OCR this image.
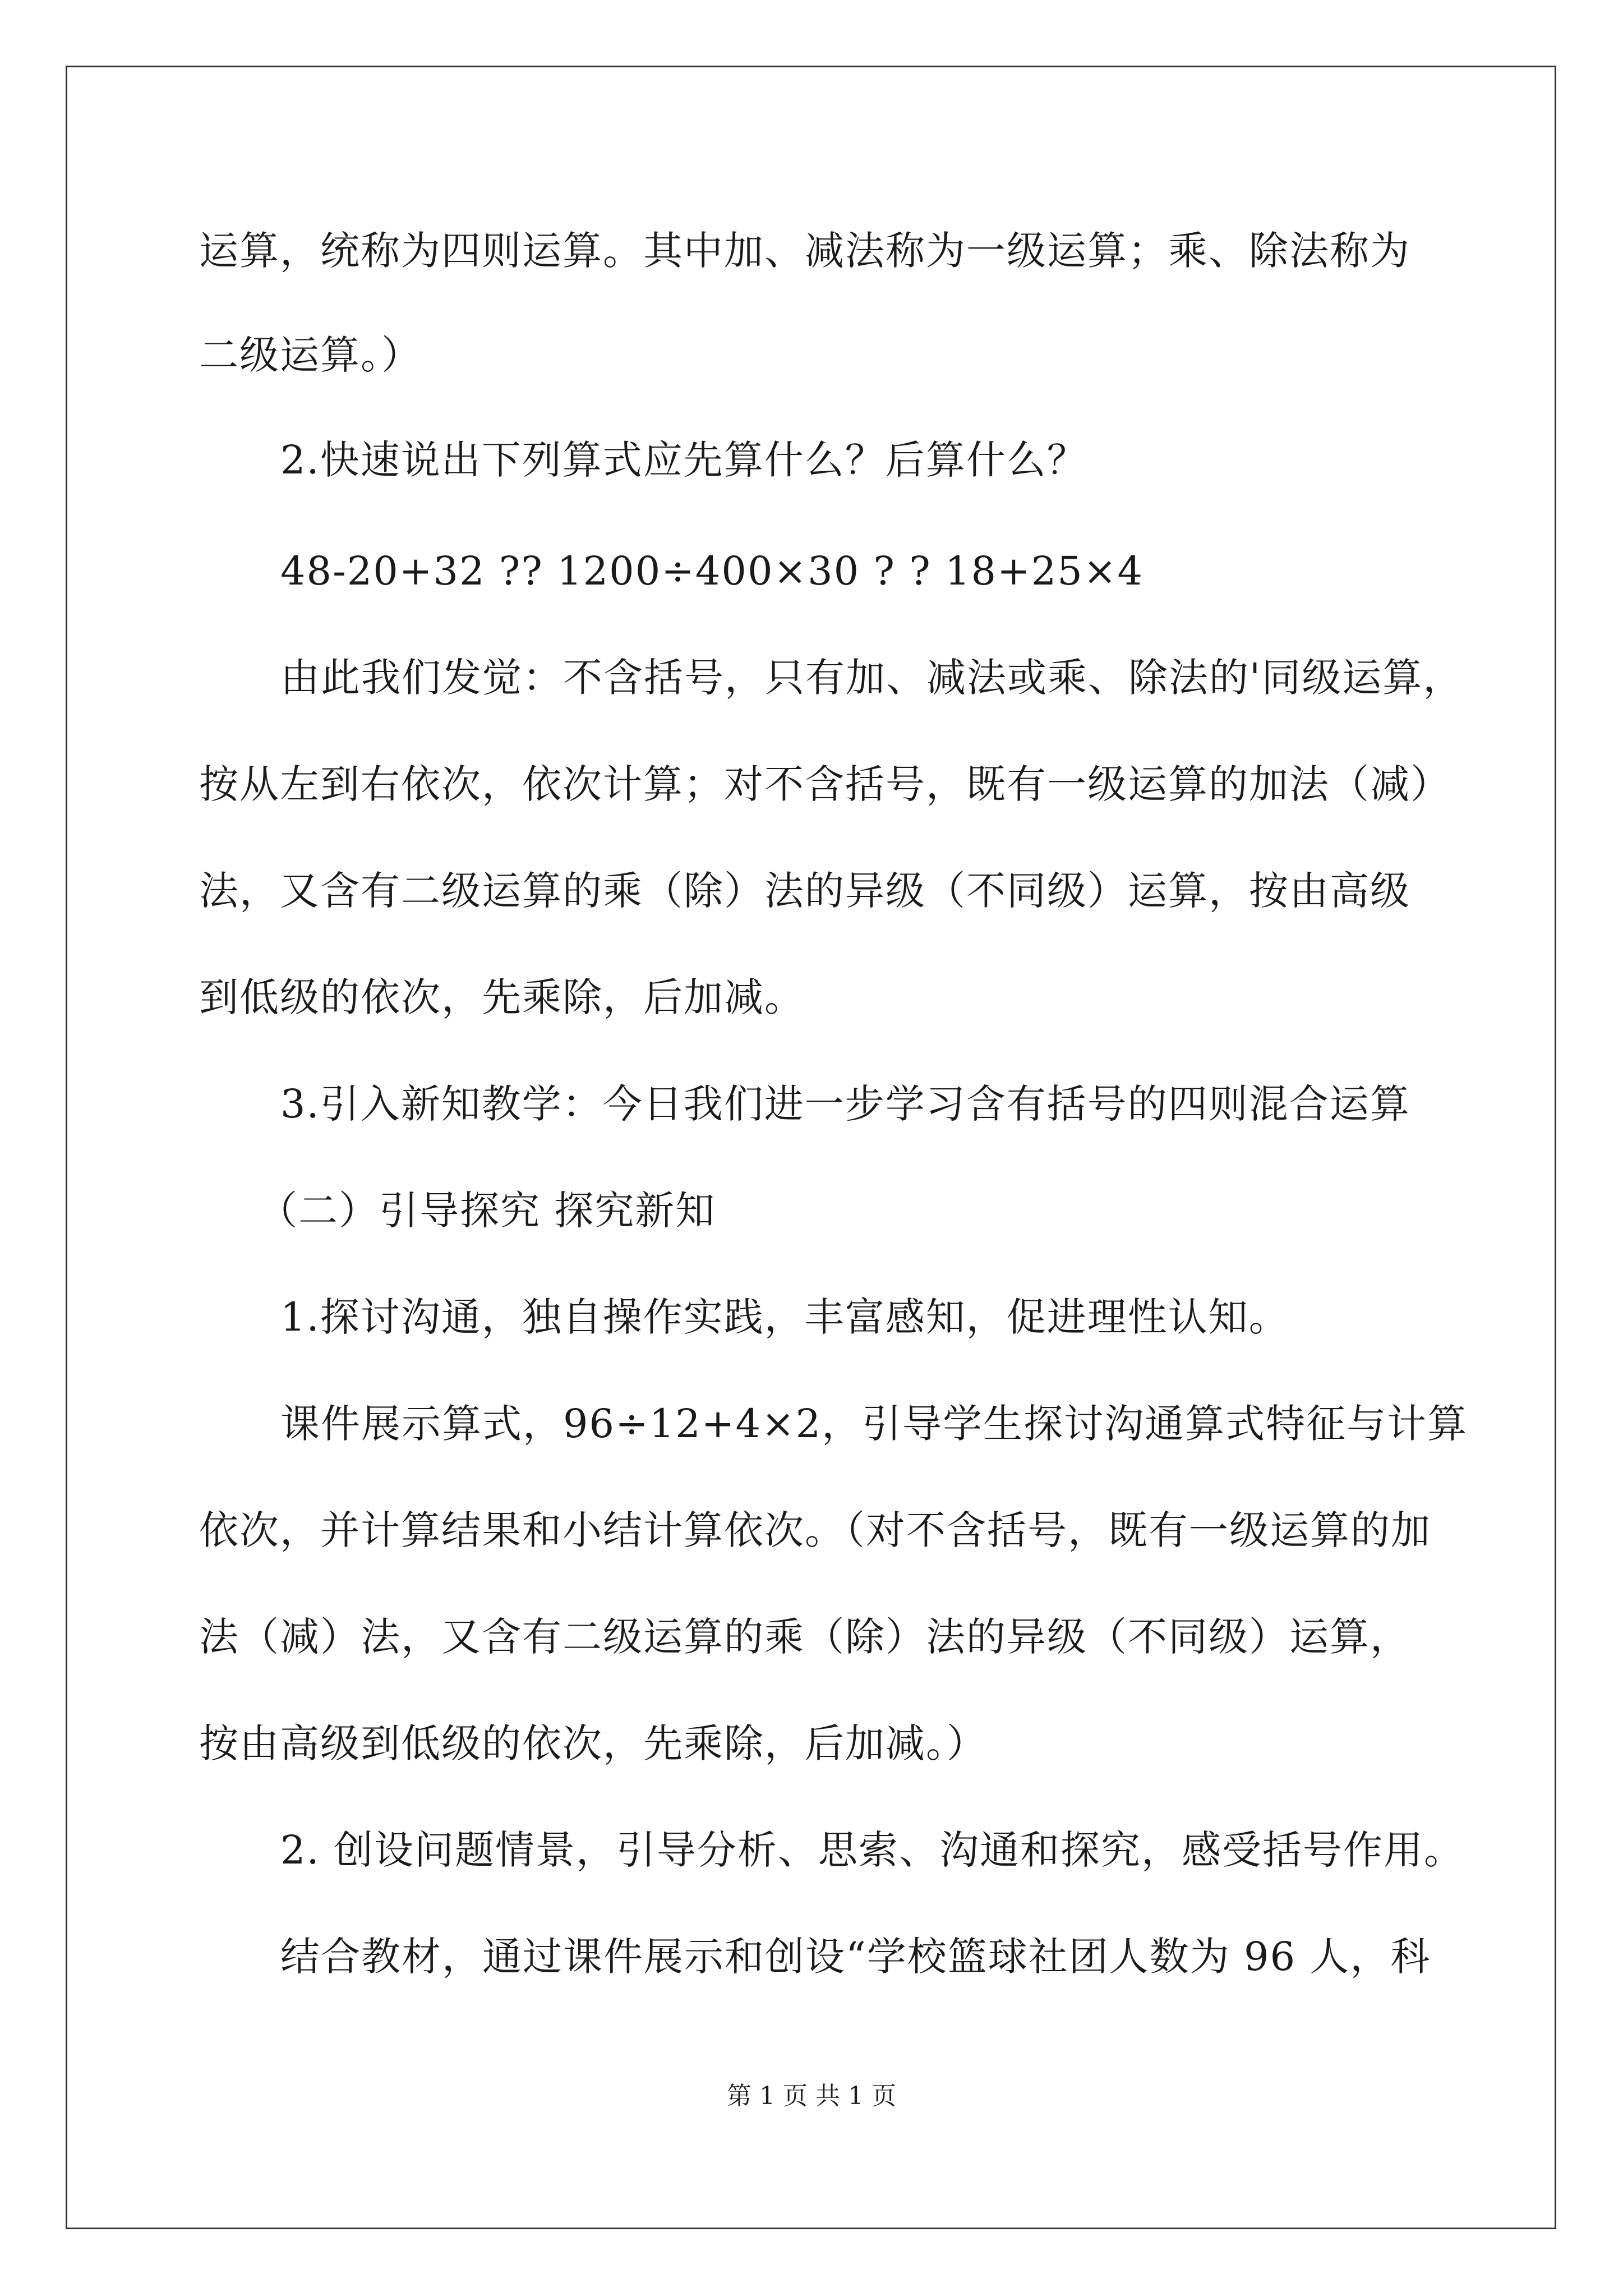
运算，统称为四则运算。其中加、减法称为一级运算；乘、除法称为
二级运算。）
2.快速说出下列算式应先算什么？后算什么？
48-20+32 ?? 1200÷400×30 ? ? 18+25×4
由此我们发觉：不含括号，只有加、减法或乘、除法的'同级运算，
按从左到右依次，依次计算；对不含括号，既有一级运算的加法（减）
法，又含有二级运算的乘（除）法的异级（不同级）运算，按由高级
到低级的依次，先乘除，后加减。
3.引入新知教学：今日我们进一步学习含有括号的四则混合运算
（二）引导探究 探究新知
1.探讨沟通，独自操作实践，丰富感知，促进理性认知。
课件展示算式，96÷12+4×2，引导学生探讨沟通算式特征与计算
依次，并计算结果和小结计算依次。（对不含括号，既有一级运算的加
法（减）法，又含有二级运算的乘（除）法的异级（不同级）运算，
按由高级到低级的依次，先乘除，后加减。）
2. 创设问题情景，引导分析、思索、沟通和探究，感受括号作用。
结合教材，通过课件展示和创设“学校篮球社团人数为 96 人，科
第 1 页 共 1 页
